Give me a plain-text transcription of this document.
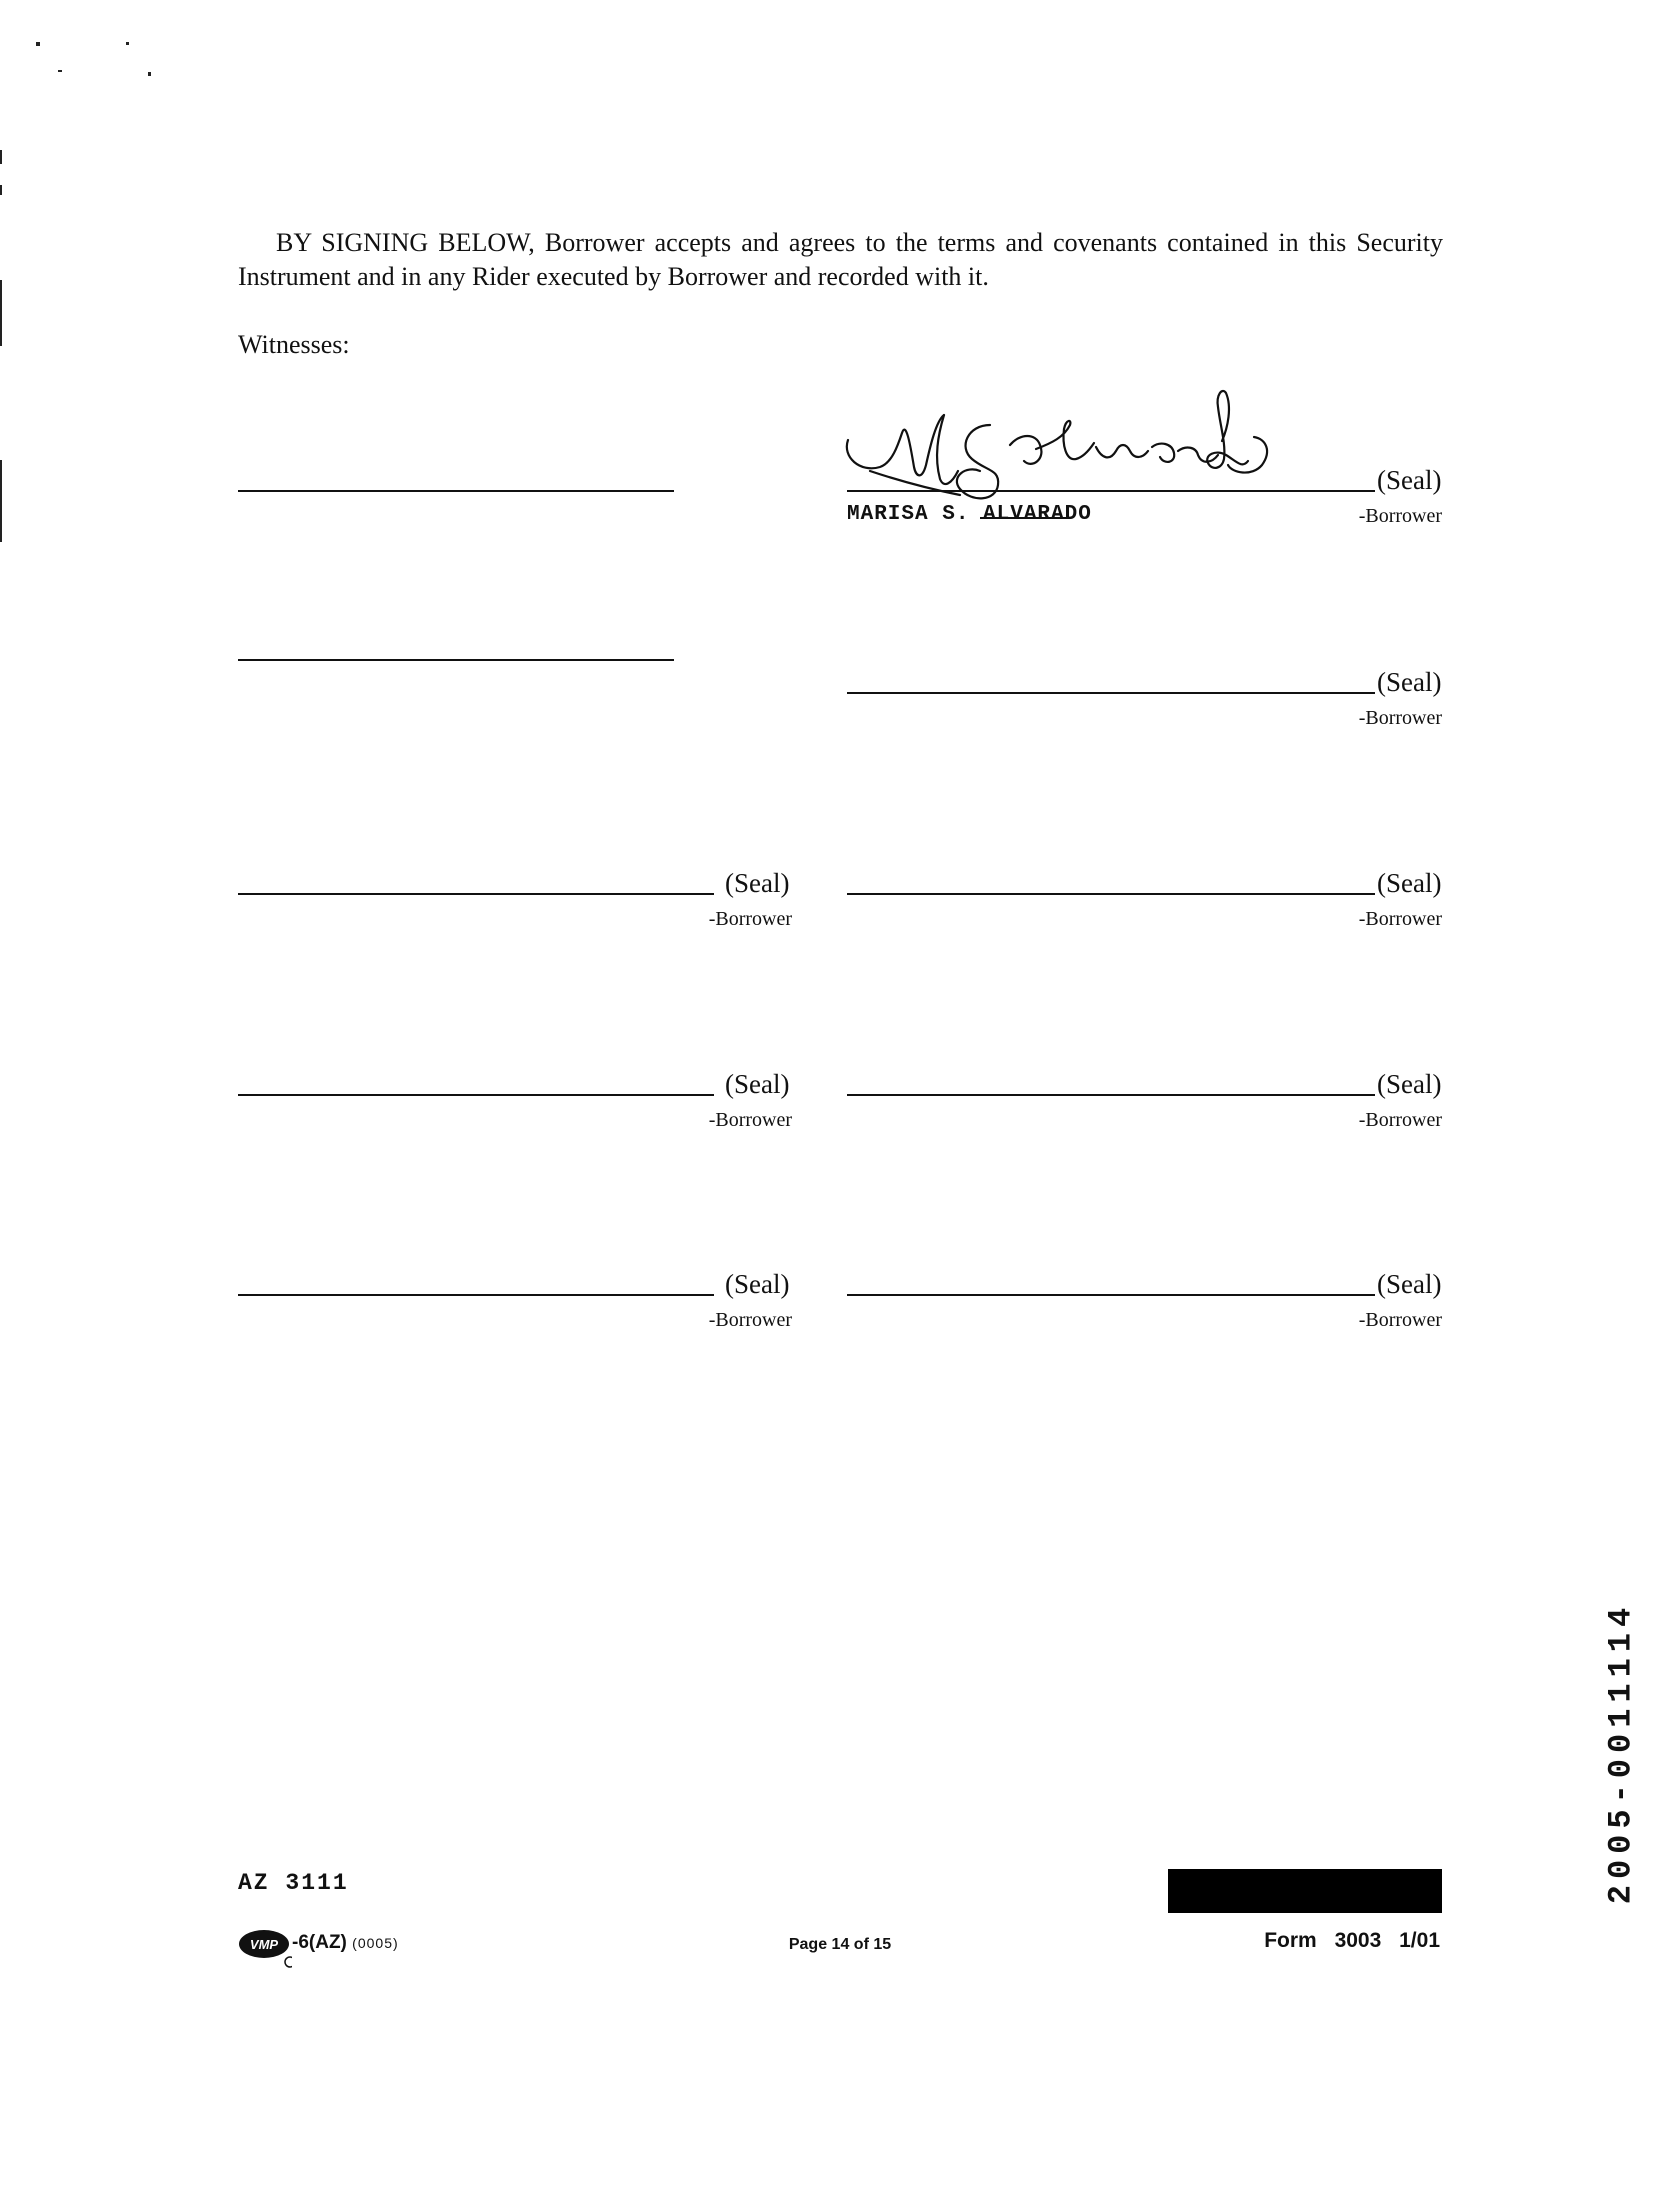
BY SIGNING BELOW, Borrower accepts and agrees to the terms and covenants contained in this Security Instrument and in any Rider executed by Borrower and recorded with it.
Witnesses:
(Seal)
MARISA S. ALVARADO	-Borrower
(Seal)
-Borrower
(Seal)
-Borrower
(Seal)
-Borrower
(Seal)
-Borrower
(Seal)
-Borrower
(Seal)
-Borrower
(Seal)
-Borrower
AZ 3111
VMP -6(AZ) (0005)	Page 14 of 15	Form 3003 1/01
2005-0011114
